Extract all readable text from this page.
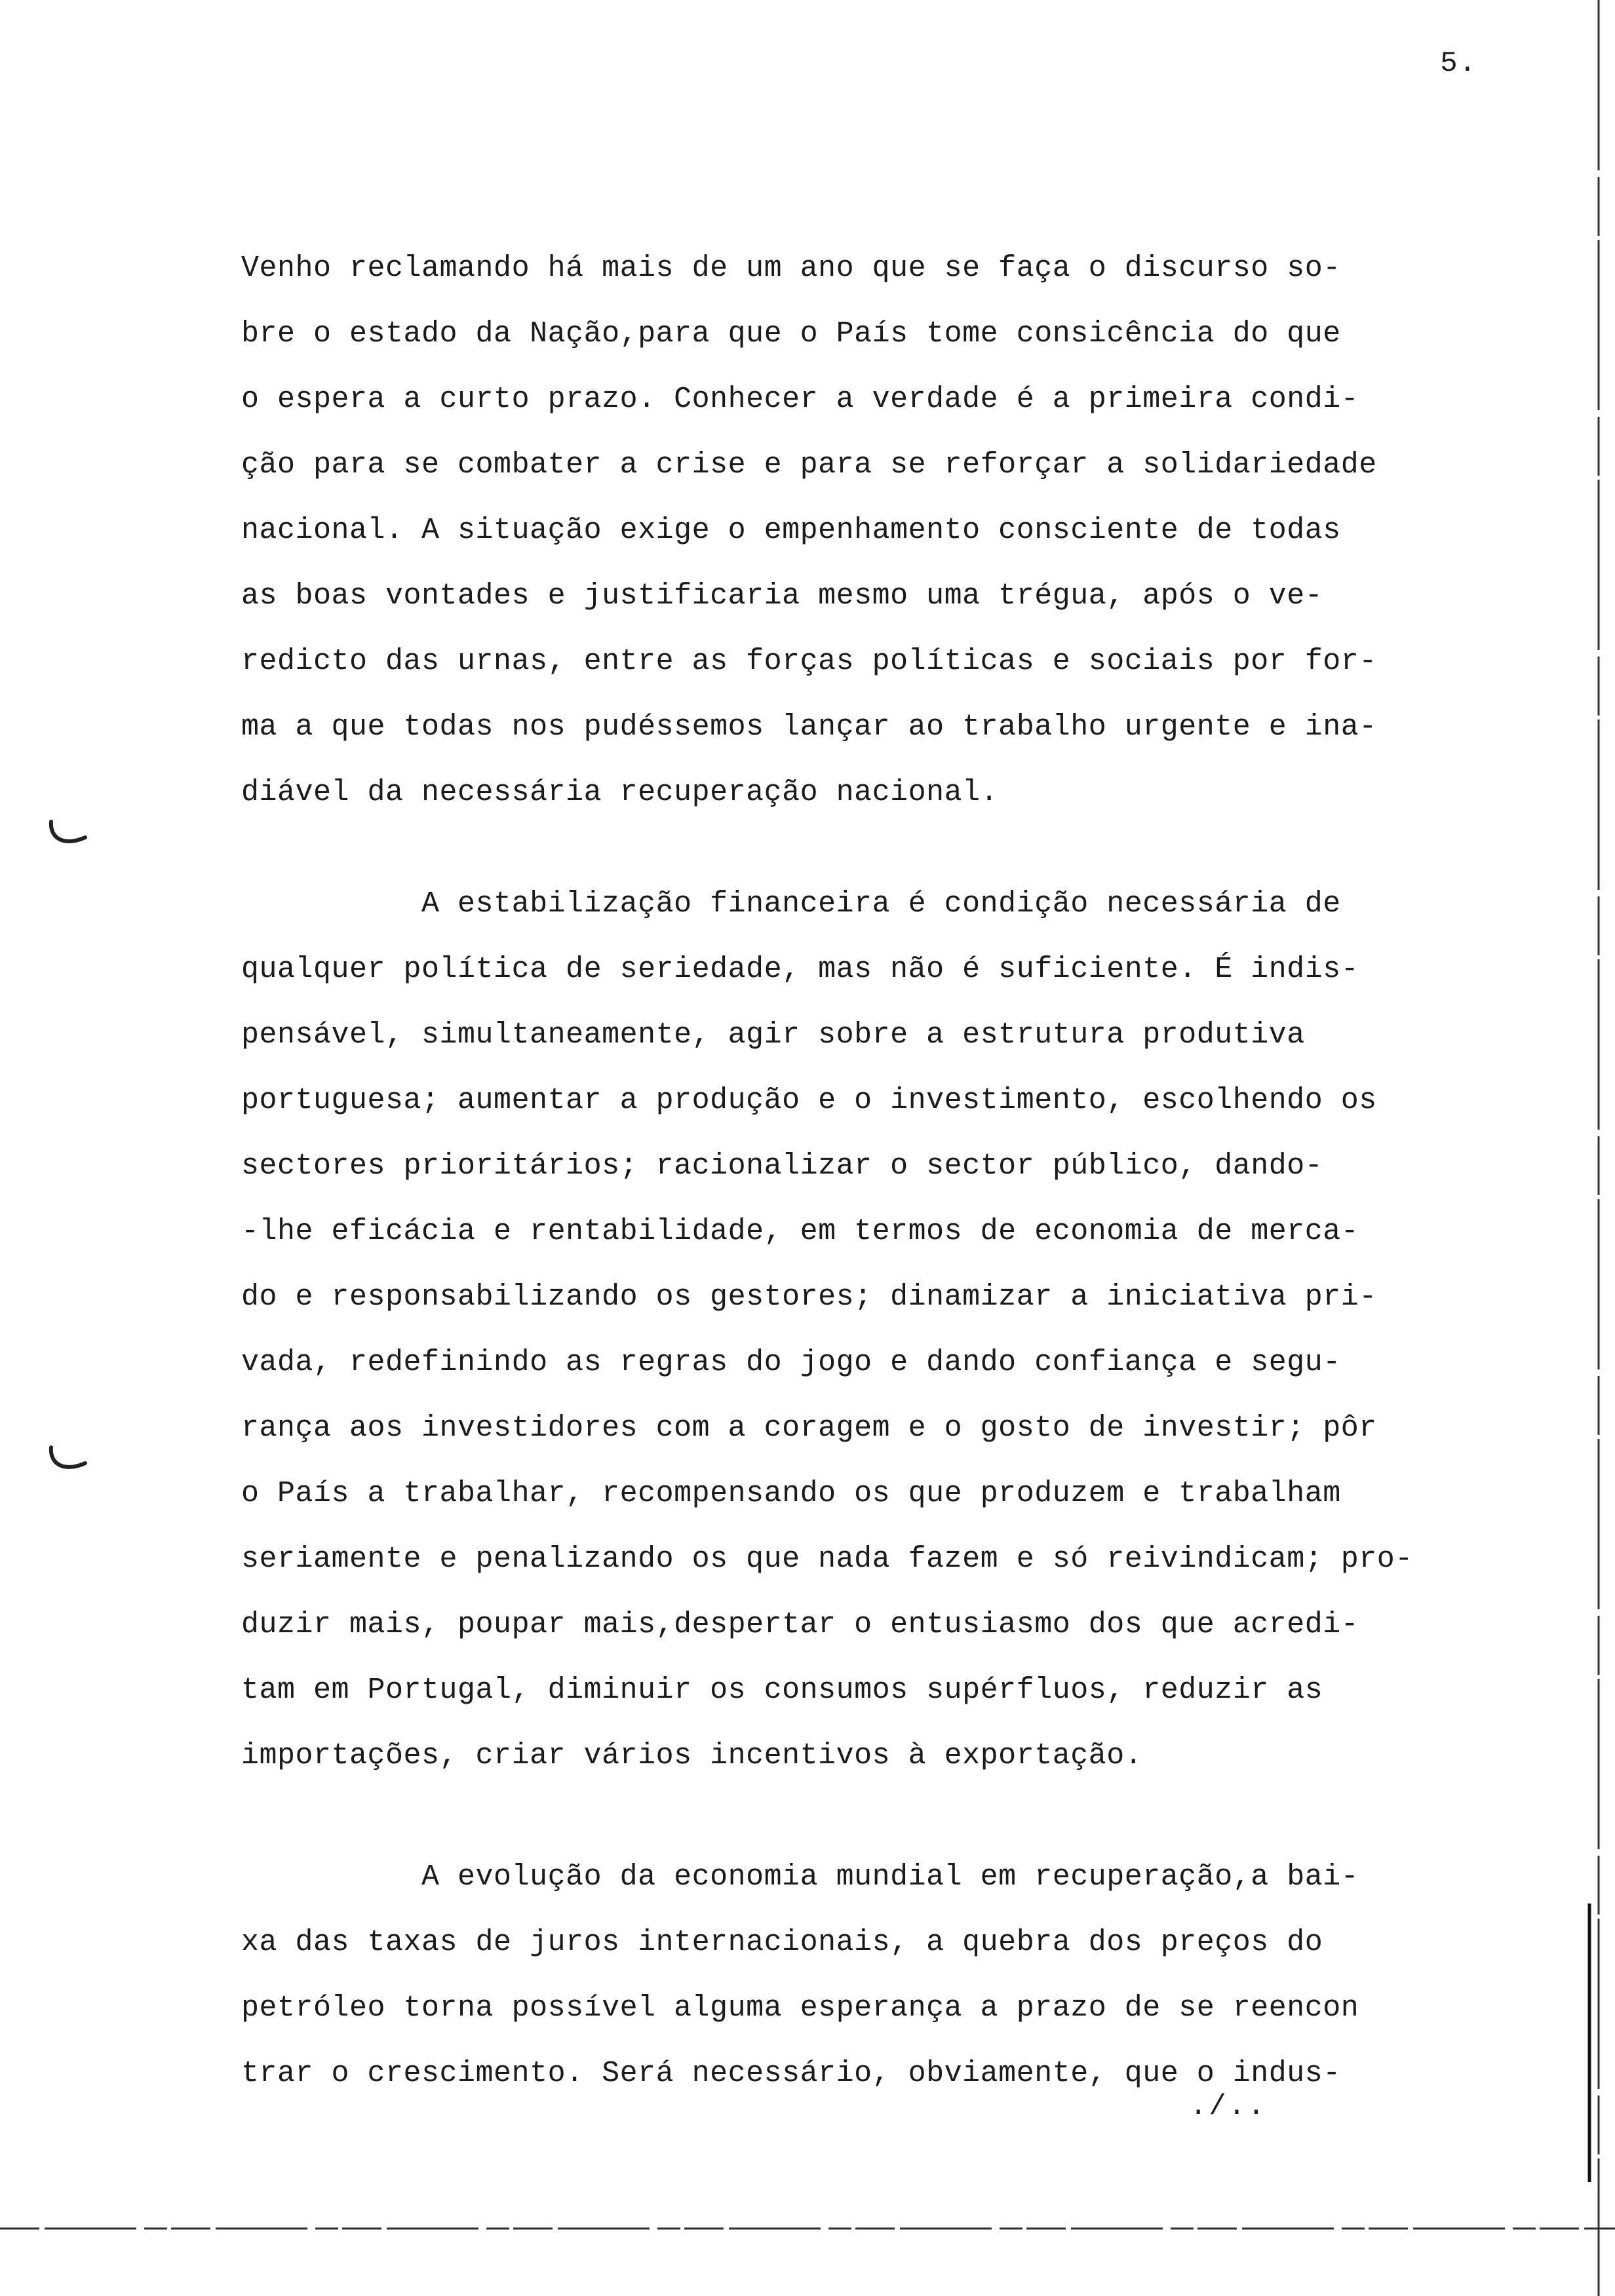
5.
Venho reclamando há mais de um ano que se faça o discurso so-
bre o estado da Nação,para que o País tome consicência do que
o espera a curto prazo. Conhecer a verdade é a primeira condi-
ção para se combater a crise e para se reforçar a solidariedade
nacional. A situação exige o empenhamento consciente de todas
as boas vontades e justificaria mesmo uma trégua, após o ve-
redicto das urnas, entre as forças políticas e sociais por for-
ma a que todas nos pudéssemos lançar ao trabalho urgente e ina-
diável da necessária recuperação nacional.
A estabilização financeira é condição necessária de
qualquer política de seriedade, mas não é suficiente. É indis-
pensável, simultaneamente, agir sobre a estrutura produtiva
portuguesa; aumentar a produção e o investimento, escolhendo os
sectores prioritários; racionalizar o sector público, dando-
-lhe eficácia e rentabilidade, em termos de economia de merca-
do e responsabilizando os gestores; dinamizar a iniciativa pri-
vada, redefinindo as regras do jogo e dando confiança e segu-
rança aos investidores com a coragem e o gosto de investir; pôr
o País a trabalhar, recompensando os que produzem e trabalham
seriamente e penalizando os que nada fazem e só reivindicam; pro-
duzir mais, poupar mais,despertar o entusiasmo dos que acredi-
tam em Portugal, diminuir os consumos supérfluos, reduzir as
importações, criar vários incentivos à exportação.
A evolução da economia mundial em recuperação,a bai-
xa das taxas de juros internacionais, a quebra dos preços do
petróleo torna possível alguma esperança a prazo de se reencon
trar o crescimento. Será necessário, obviamente, que o indus-
./..
